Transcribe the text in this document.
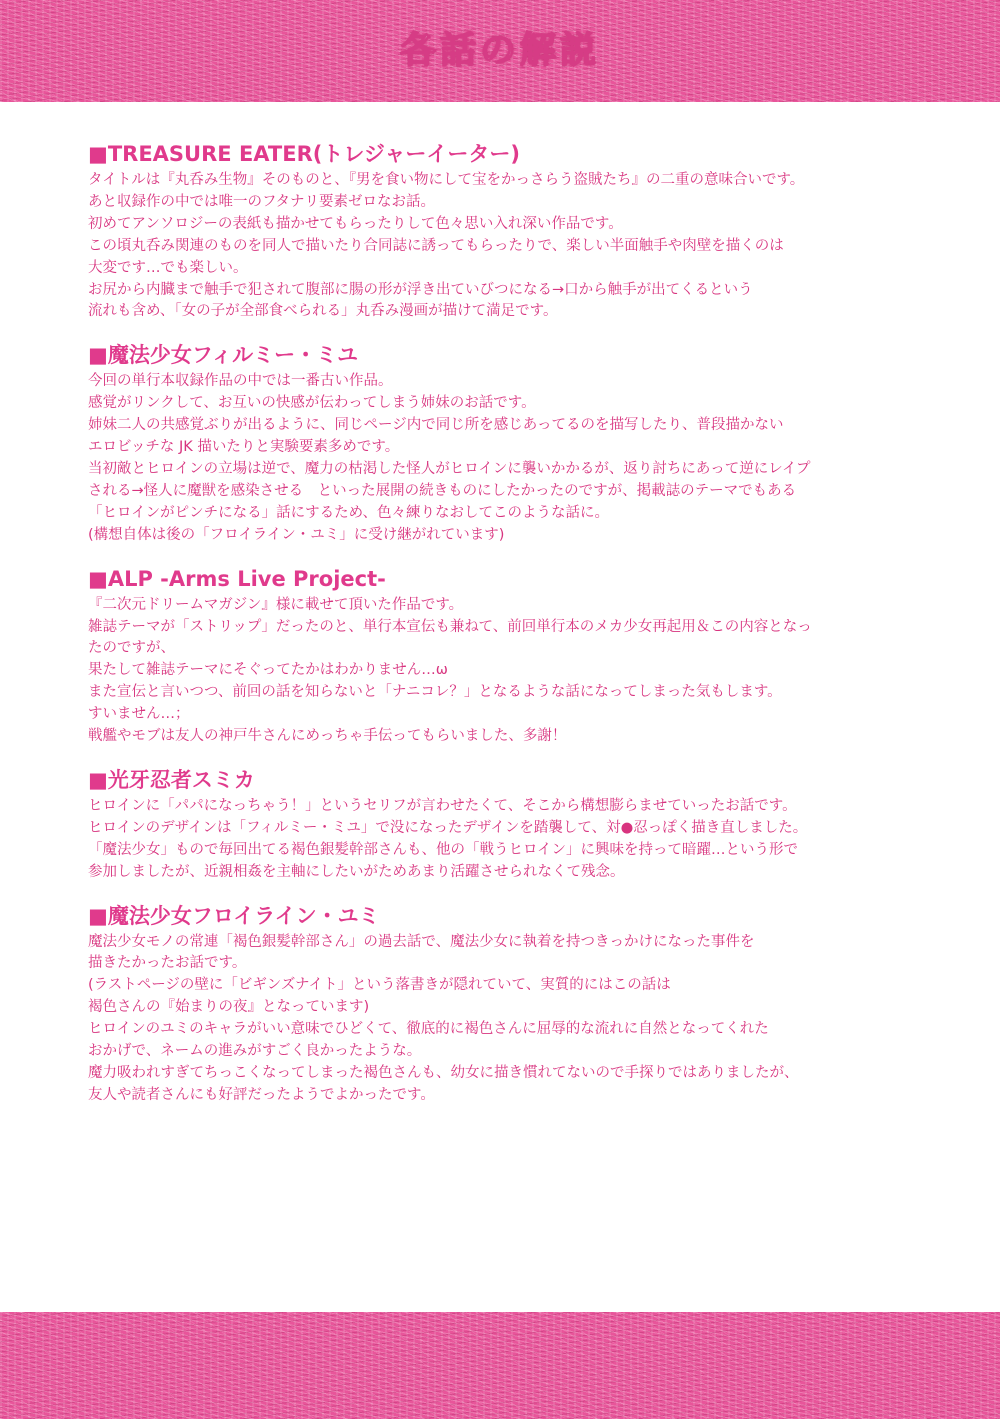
各話の解説
■TREASURE EATER(トレジャーイーター)

タイトルは『丸呑み生物』そのものと、『男を食い物にして宝をかっさらう盗賊たち』の二重の意味合いです。

あと収録作の中では唯一のフタナリ要素ゼロなお話。

初めてアンソロジーの表紙も描かせてもらったりして色々思い入れ深い作品です。

この頃丸呑み関連のものを同人で描いたり合同誌に誘ってもらったりで、楽しい半面触手や肉壁を描くのは

大変です…でも楽しい。

お尻から内臓まで触手で犯されて腹部に腸の形が浮き出ていびつになる→口から触手が出てくるという

流れも含め、「女の子が全部食べられる」丸呑み漫画が描けて満足です。

■魔法少女フィルミー・ミユ

今回の単行本収録作品の中では一番古い作品。

感覚がリンクして、お互いの快感が伝わってしまう姉妹のお話です。

姉妹二人の共感覚ぶりが出るように、同じページ内で同じ所を感じあってるのを描写したり、普段描かない

エロビッチな JK 描いたりと実験要素多めです。

当初敵とヒロインの立場は逆で、魔力の枯渇した怪人がヒロインに襲いかかるが、返り討ちにあって逆にレイプ

される→怪人に魔獣を感染させる　といった展開の続きものにしたかったのですが、掲載誌のテーマでもある

「ヒロインがピンチになる」話にするため、色々練りなおしてこのような話に。

(構想自体は後の「フロイライン・ユミ」に受け継がれています)

■ALP -Arms Live Project-

『二次元ドリームマガジン』様に載せて頂いた作品です。

雑誌テーマが「ストリップ」だったのと、単行本宣伝も兼ねて、前回単行本のメカ少女再起用＆この内容となっ

たのですが、

果たして雑誌テーマにそぐってたかはわかりません…ω

また宣伝と言いつつ、前回の話を知らないと「ナニコレ？」となるような話になってしまった気もします。

すいません…；

戦艦やモブは友人の神戸牛さんにめっちゃ手伝ってもらいました、多謝！

■光牙忍者スミカ

ヒロインに「パパになっちゃう！」というセリフが言わせたくて、そこから構想膨らませていったお話です。

ヒロインのデザインは「フィルミー・ミユ」で没になったデザインを踏襲して、対●忍っぽく描き直しました。

「魔法少女」もので毎回出てる褐色銀髪幹部さんも、他の「戦うヒロイン」に興味を持って暗躍…という形で

参加しましたが、近親相姦を主軸にしたいがためあまり活躍させられなくて残念。

■魔法少女フロイライン・ユミ

魔法少女モノの常連「褐色銀髪幹部さん」の過去話で、魔法少女に執着を持つきっかけになった事件を

描きたかったお話です。

(ラストページの壁に「ビギンズナイト」という落書きが隠れていて、実質的にはこの話は

褐色さんの『始まりの夜』となっています)

ヒロインのユミのキャラがいい意味でひどくて、徹底的に褐色さんに屈辱的な流れに自然となってくれた

おかげで、ネームの進みがすごく良かったような。

魔力吸われすぎてちっこくなってしまった褐色さんも、幼女に描き慣れてないので手探りではありましたが、

友人や読者さんにも好評だったようでよかったです。
